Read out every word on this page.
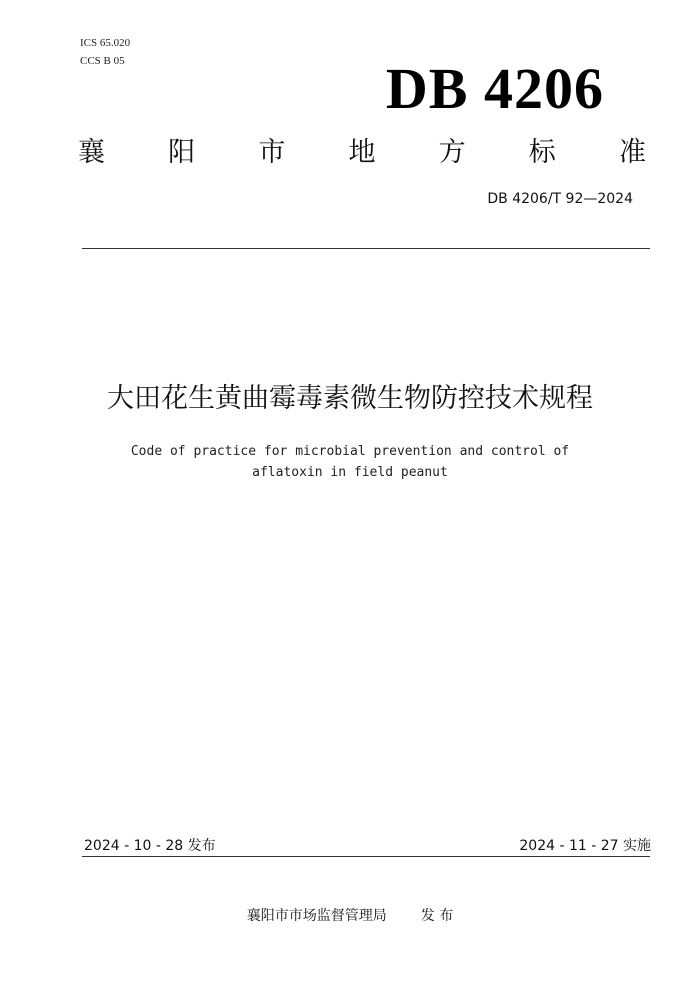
ICS 65.020
CCS B 05	DB 4206
襄 阳 市 地 方 标 准
DB 4206/T 92—2024
大田花生黄曲霉毒素微生物防控技术规程
Code of practice for microbial prevention and control of
aflatoxin in field peanut
2024 - 10 - 28 发布	2024 - 11 - 27 实施
襄阳市市场监督管理局 发 布
